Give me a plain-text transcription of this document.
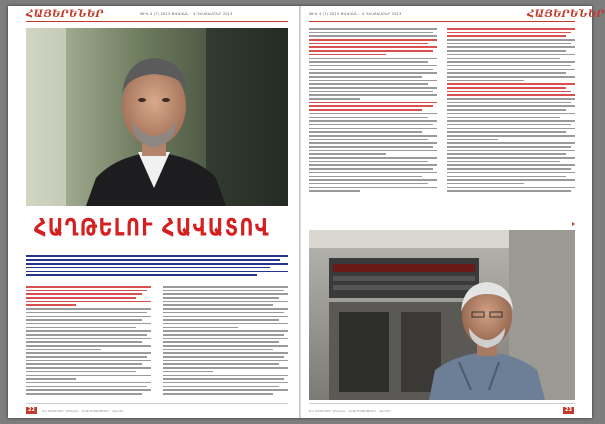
ՀԱՅԵՐԵՆԵՐ	ԹԻՎ 4 (7) 2013 ԹՎԱԿԱՆ · 4 ԴԵԿՏԵՄԲԵՐ 2013
ՀԱՂԹԵԼՈՒ ՀԱՎԱՏՈՎ
22	ԵՎ ՌԵԺԻՍՈՐ ՄԵՆԱԿ · ԼԵԶՈՒՍՏԱՑՈՒՄ · ԱՆՈՒՆ
ԹԻՎ 4 (7) 2013 ԹՎԱԿԱՆ · 4 ԴԵԿՏԵՄԲԵՐ 2013	ՀԱՅԵՐԵՆԵՐ
ԵՎ ՌԵԺԻՍՈՐ ՄԵՆԱԿ · ԼԵԶՈՒՍՏԱՑՈՒՄ · ԱՆՈՒՆ	23
